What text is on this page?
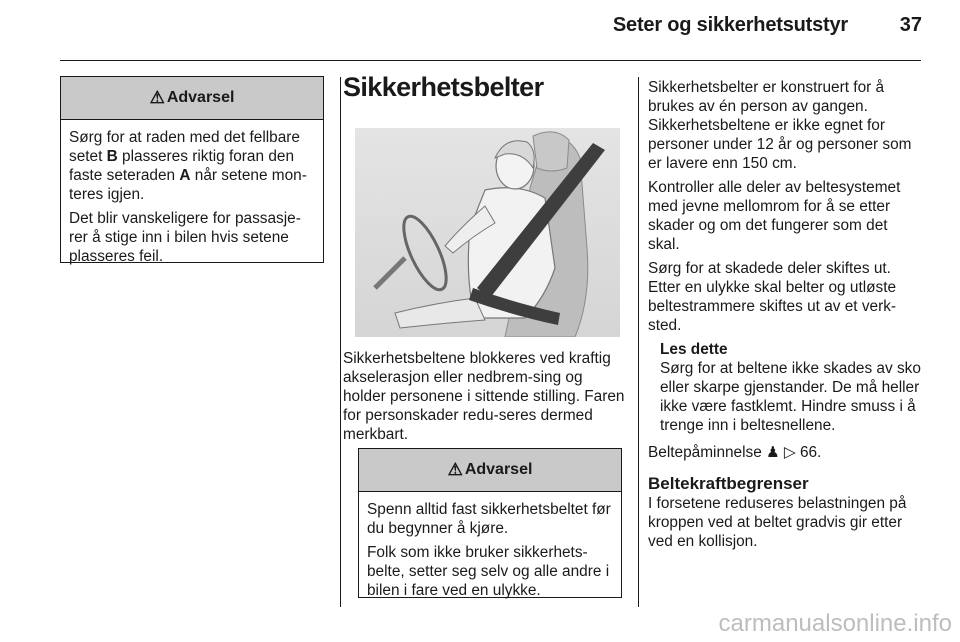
Seter og sikkerhetsutstyr	37
⚠ Advarsel

Sørg for at raden med det fellbare setet B plasseres riktig foran den faste seteraden A når setene mon-teres igjen.

Det blir vanskeligere for passasje-rer å stige inn i bilen hvis setene plasseres feil.

Sikkerhetsbelter

Sikkerhetsbeltene blokkeres ved kraftig akselerasjon eller nedbrem-sing og holder personene i sittende stilling. Faren for personskader redu-seres dermed merkbart.

⚠ Advarsel

Spenn alltid fast sikkerhetsbeltet før du begynner å kjøre.

Folk som ikke bruker sikkerhets-belte, setter seg selv og alle andre i bilen i fare ved en ulykke.

Sikkerhetsbelter er konstruert for å brukes av én person av gangen. Sikkerhetsbeltene er ikke egnet for personer under 12 år og personer som er lavere enn 150 cm.

Kontroller alle deler av beltesystemet med jevne mellomrom for å se etter skader og om det fungerer som det skal.

Sørg for at skadede deler skiftes ut. Etter en ulykke skal belter og utløste beltestrammere skiftes ut av et verk-sted.

Les dette
Sørg for at beltene ikke skades av sko eller skarpe gjenstander. De må heller ikke være fastklemt. Hindre smuss i å trenge inn i beltesnellene.

Beltepåminnelse ♟ ▷ 66.

Beltekraftbegrenser

I forsetene reduseres belastningen på kroppen ved at beltet gradvis gir etter ved en kollisjon.

carmanualsonline.info
